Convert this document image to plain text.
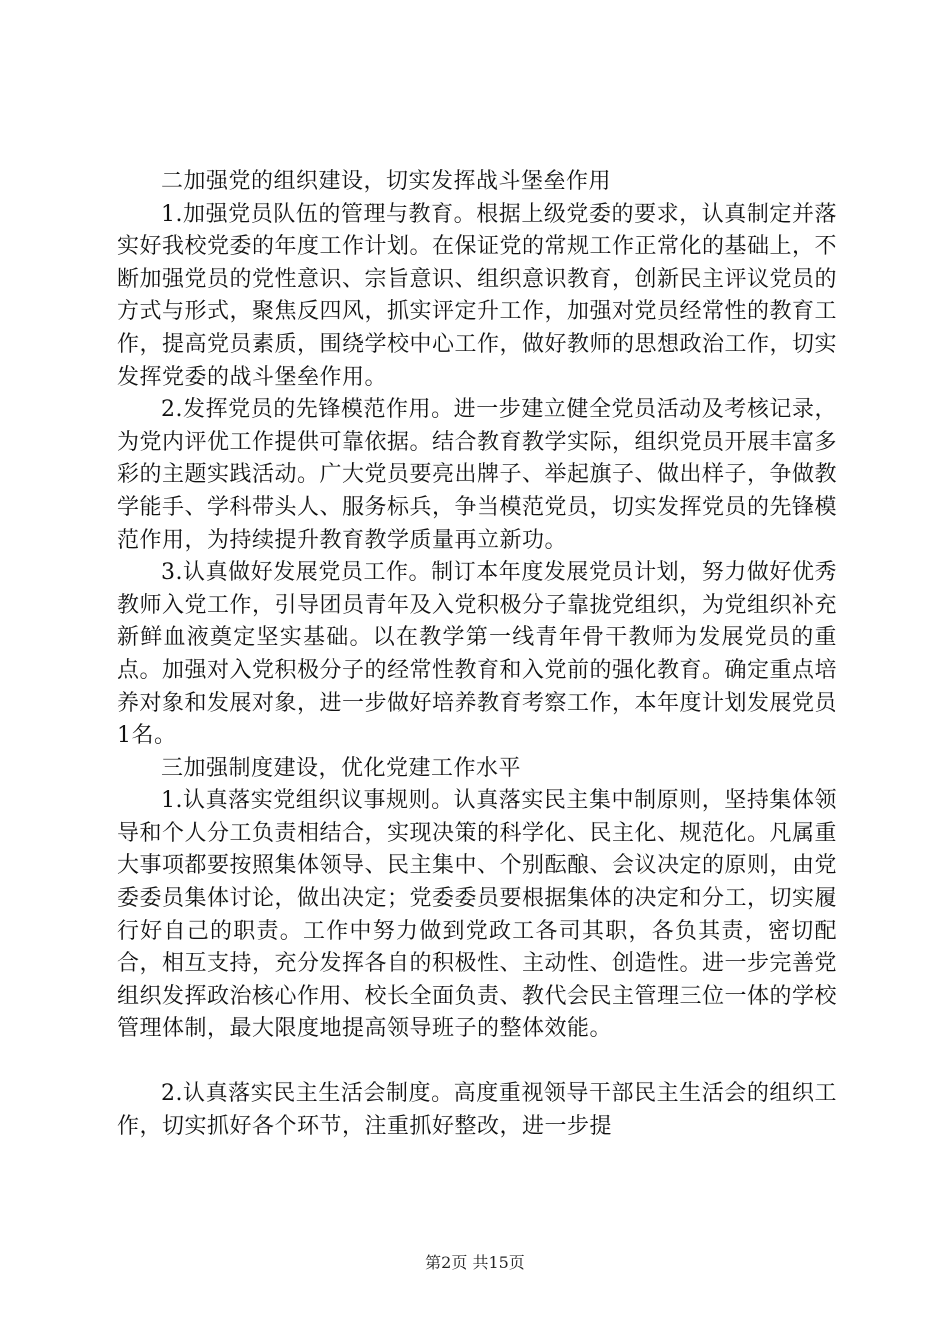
二加强党的组织建设，切实发挥战斗堡垒作用

1.加强党员队伍的管理与教育。根据上级党委的要求，认真制定并落实好我校党委的年度工作计划。在保证党的常规工作正常化的基础上，不断加强党员的党性意识、宗旨意识、组织意识教育，创新民主评议党员的方式与形式，聚焦反四风，抓实评定升工作，加强对党员经常性的教育工作，提高党员素质，围绕学校中心工作，做好教师的思想政治工作，切实发挥党委的战斗堡垒作用。

2.发挥党员的先锋模范作用。进一步建立健全党员活动及考核记录，为党内评优工作提供可靠依据。结合教育教学实际，组织党员开展丰富多彩的主题实践活动。广大党员要亮出牌子、举起旗子、做出样子，争做教学能手、学科带头人、服务标兵，争当模范党员，切实发挥党员的先锋模范作用，为持续提升教育教学质量再立新功。

3.认真做好发展党员工作。制订本年度发展党员计划，努力做好优秀教师入党工作，引导团员青年及入党积极分子靠拢党组织，为党组织补充新鲜血液奠定坚实基础。以在教学第一线青年骨干教师为发展党员的重点。加强对入党积极分子的经常性教育和入党前的强化教育。确定重点培养对象和发展对象，进一步做好培养教育考察工作，本年度计划发展党员1名。

三加强制度建设，优化党建工作水平

1.认真落实党组织议事规则。认真落实民主集中制原则，坚持集体领导和个人分工负责相结合，实现决策的科学化、民主化、规范化。凡属重大事项都要按照集体领导、民主集中、个别酝酿、会议决定的原则，由党委委员集体讨论，做出决定；党委委员要根据集体的决定和分工，切实履行好自己的职责。工作中努力做到党政工各司其职，各负其责，密切配合，相互支持，充分发挥各自的积极性、主动性、创造性。进一步完善党组织发挥政治核心作用、校长全面负责、教代会民主管理三位一体的学校管理体制，最大限度地提高领导班子的整体效能。

2.认真落实民主生活会制度。高度重视领导干部民主生活会的组织工作，切实抓好各个环节，注重抓好整改，进一步提

第2页 共15页
